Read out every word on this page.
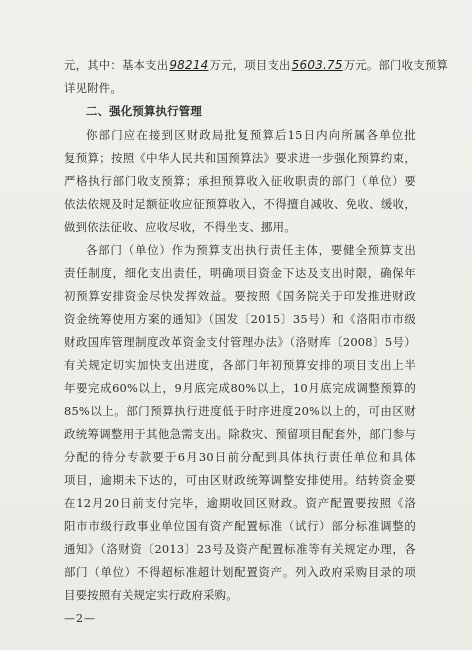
元，其中：基本支出98214万元，项目支出5603.75万元。部门收支预算
详见附件。
二、强化预算执行管理
你部门应在接到区财政局批复预算后15日内向所属各单位批
复预算；按照《中华人民共和国预算法》要求进一步强化预算约束，
严格执行部门收支预算；承担预算收入征收职责的部门（单位）要
依法依规及时足额征收应征预算收入，不得擅自减收、免收、缓收，
做到依法征收、应收尽收，不得坐支、挪用。
各部门（单位）作为预算支出执行责任主体，要健全预算支出
责任制度，细化支出责任，明确项目资金下达及支出时限，确保年
初预算安排资金尽快发挥效益。要按照《国务院关于印发推进财政
资金统筹使用方案的通知》（国发〔2015〕35号）和《洛阳市市级
财政国库管理制度改革资金支付管理办法》（洛财库〔2008〕5号）
有关规定切实加快支出进度，各部门年初预算安排的项目支出上半
年要完成60%以上，9月底完成80%以上，10月底完成调整预算的
85%以上。部门预算执行进度低于时序进度20%以上的，可由区财
政统筹调整用于其他急需支出。除救灾、预留项目配套外，部门参与
分配的待分专款要于6月30日前分配到具体执行责任单位和具体
项目，逾期未下达的，可由区财政统筹调整安排使用。结转资金要
在12月20日前支付完毕，逾期收回区财政。资产配置要按照《洛
阳市市级行政事业单位国有资产配置标准（试行）部分标准调整的
通知》（洛财资〔2013〕23号及资产配置标准等有关规定办理，各
部门（单位）不得超标准超计划配置资产。列入政府采购目录的项
目要按照有关规定实行政府采购。
—2—
